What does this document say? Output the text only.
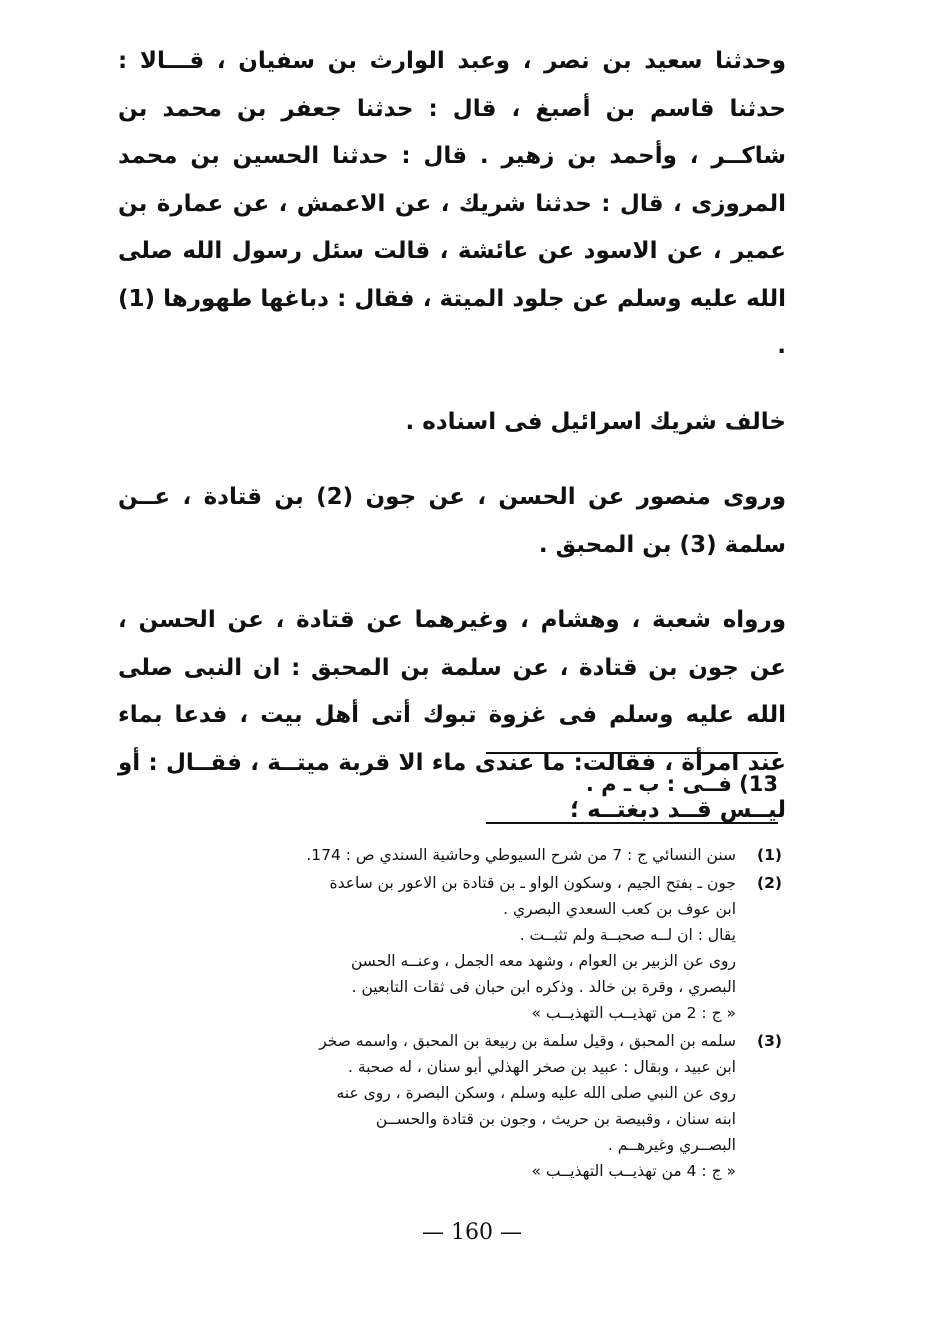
وحدثنا سعيد بن نصر ، وعبد الوارث بن سفيان ، قـــالا : حدثنا قاسم بن أصبغ ، قال : حدثنا جعفر بن محمد بن شاكــر ، وأحمد بن زهير . قال : حدثنا الحسين بن محمد المروزى ، قال : حدثنا شريك ، عن الاعمش ، عن عمارة بن عمير ، عن الاسود عن عائشة ، قالت سئل رسول الله صلى الله عليه وسلم عن جلود الميتة ، فقال : دباغها طهورها (1) .

خالف شريك اسرائيل فى اسناده .

وروى منصور عن الحسن ، عن جون (2) بن قتادة ، عــن سلمة (3) بن المحبق .

ورواه شعبة ، وهشام ، وغيرهما عن قتادة ، عن الحسن ، عن جون بن قتادة ، عن سلمة بن المحبق : ان النبى صلى الله عليه وسلم فى غزوة تبوك أتى أهل بيت ، فدعا بماء عند امرأة ، فقالت: ما عندى ماء الا قربة ميتــة ، فقــال : أو ليــس قــد دبغتــه ؛

13) فــى : ب ـ م .
(1)
سنن النسائي ج : 7 من شرح السيوطي وحاشية السندي ص : 174.
(2)
جون ـ بفتح الجيم ، وسكون الواو ـ بن قتادة بن الاعور بن ساعدة
ابن عوف بن كعب السعدي البصري .
يقال : ان لــه صحبــة ولم تثبــت .
روى عن الزبير بن العوام ، وشهد معه الجمل ، وعنــه الحسن
البصري ، وقرة بن خالد . وذكره ابن حبان فى ثقات التابعين .
« ج : 2 من تهذيــب التهذيــب »
(3)
سلمه بن المحبق ، وقيل سلمة بن ربيعة بن المحبق ، واسمه صخر
ابن عبيد ، وبقال : عبيد بن صخر الهذلي أبو سنان ، له صحبة .
روى عن النبي صلى الله عليه وسلم ، وسكن البصرة ، روى عنه
ابنه سنان ، وقبيصة بن حريث ، وجون بن قتادة والحســن
البصــري وغيرهــم .
« ج : 4 من تهذيــب التهذيــب »
— 160 —
